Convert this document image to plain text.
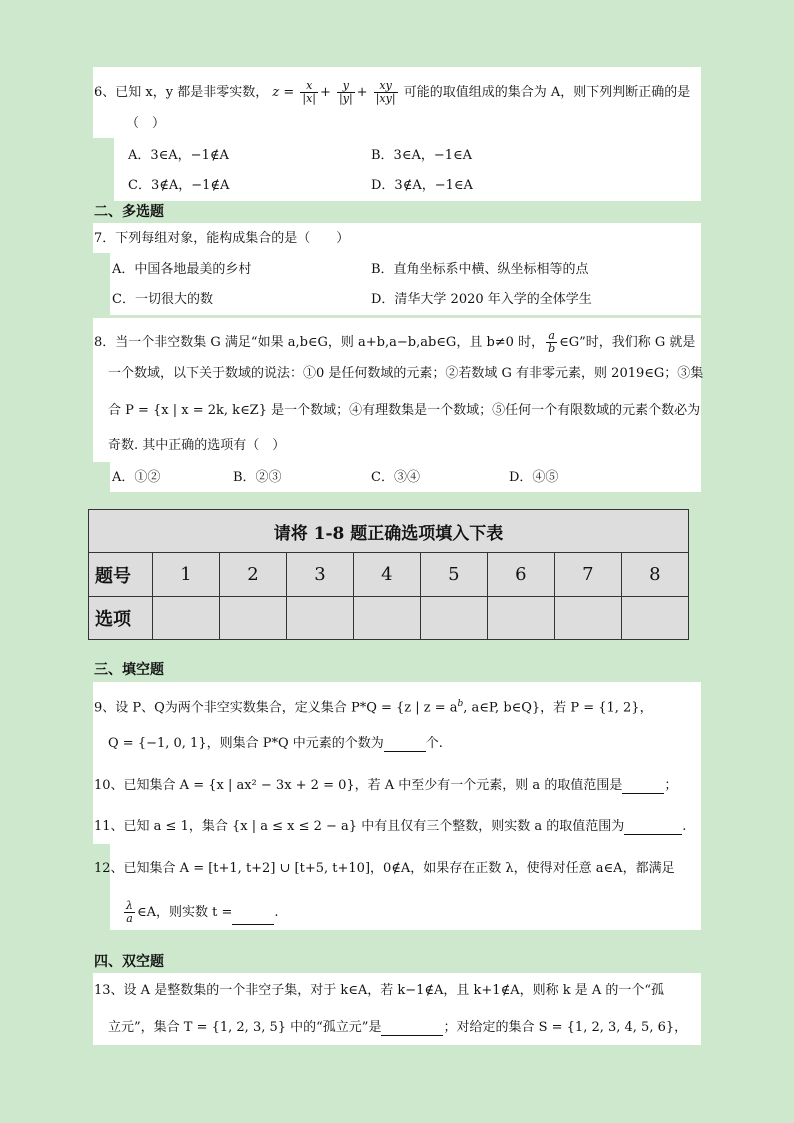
6、已知 x，y 都是非零实数， $z = \frac{x}{|x|} + \frac{y}{|y|} + \frac{xy}{|xy|}$ 可能的取值组成的集合为 A，则下列判断正确的是
（　）
A．3∈A，−1∉A	B．3∈A，−1∈A
C．3∉A，−1∉A	D．3∉A，−1∈A
二、多选题
7．下列每组对象，能构成集合的是（　　）
A．中国各地最美的乡村	B．直角坐标系中横、纵坐标相等的点
C．一切很大的数	D．清华大学 2020 年入学的全体学生
8．当一个非空数集 G 满足“如果 a,b∈G，则 a+b,a−b,ab∈G，且 b≠0 时， $\frac{a}{b}$ ∈G”时，我们称 G 就是
一个数域，以下关于数域的说法：①0 是任何数域的元素；②若数域 G 有非零元素，则 2019∈G；③集
合 P = {x | x = 2k, k∈Z} 是一个数域；④有理数集是一个数域；⑤任何一个有限数域的元素个数必为
奇数. 其中正确的选项有（　）
A．①②	B．②③	C．③④	D．④⑤
请将 1-8 题正确选项填入下表								
题号	1	2	3	4	5	6	7	8
选项								
三、填空题
9、设 P、Q为两个非空实数集合，定义集合 P*Q = {z | $z = a^b$, a∈P, b∈Q}，若 P = {1, 2}，
Q = {−1, 0, 1}，则集合 P*Q 中元素的个数为	个.
10、已知集合 A = {x | ax² − 3x + 2 = 0}，若 A 中至少有一个元素，则 a 的取值范围是	；
11、已知 a ≤ 1，集合 {x | a ≤ x ≤ 2 − a} 中有且仅有三个整数，则实数 a 的取值范围为	.
12、已知集合 A = [t+1, t+2] ∪ [t+5, t+10]，0∉A，如果存在正数 λ，使得对任意 a∈A，都满足
$\frac{\lambda}{a}$ ∈A，则实数 t =	.
四、双空题
13、设 A 是整数集的一个非空子集，对于 k∈A，若 k−1∉A，且 k+1∉A，则称 k 是 A 的一个“孤
立元”，集合 T = {1, 2, 3, 5} 中的“孤立元”是	；对给定的集合 S = {1, 2, 3, 4, 5, 6}，
